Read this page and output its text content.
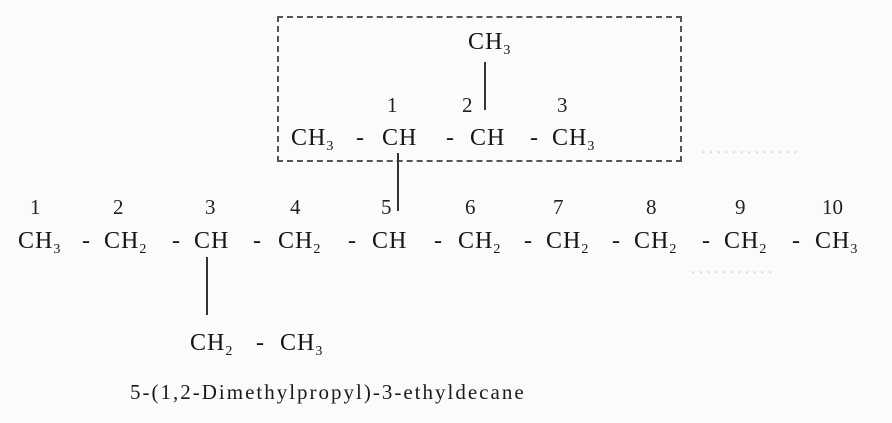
·············
···········
$CH_3$
1	2	3
$CH_3$ - CH - CH - $CH_3$
1	2	3	4	5	6	7	8	9	10
$CH_3 - CH_2$ - CH - $CH_2$ - CH - $CH_2 - CH_2 - CH_2 - CH_2 - CH_3$
$CH_2 - CH_3$
5-(1,2-Dimethylpropyl)-3-ethyldecane
